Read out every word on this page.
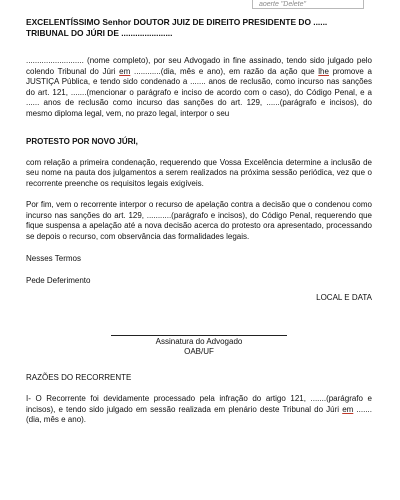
aoerte "Delete"

EXCELENTÍSSIMO Senhor DOUTOR JUIZ DE DIREITO PRESIDENTE DO ......
TRIBUNAL DO JÚRI DE ......................

.......................... (nome completo), por seu Advogado in fine assinado, tendo sido julgado pelo colendo Tribunal do Júri em ............(dia, mês e ano), em razão da ação que lhe promove a JUSTIÇA Pública, e tendo sido condenado a ....... anos de reclusão, como incurso nas sanções do art. 121, .......(mencionar o parágrafo e inciso de acordo com o caso), do Código Penal, e a ...... anos de reclusão como incurso das sanções do art. 129, ......(parágrafo e incisos), do mesmo diploma legal, vem, no prazo legal, interpor o seu

PROTESTO POR NOVO JÚRI,

com relação a primeira condenação, requerendo que Vossa Excelência determine a inclusão de seu nome na pauta dos julgamentos a serem realizados na próxima sessão periódica, vez que o recorrente preenche os requisitos legais exigíveis.

Por fim, vem o recorrente interpor o recurso de apelação contra a decisão que o condenou como incurso nas sanções do art. 129, ...........(parágrafo e incisos), do Código Penal, requerendo que fique suspensa a apelação até a nova decisão acerca do protesto ora apresentado, processando se depois o recurso, com observância das formalidades legais.

Nesses Termos

Pede Deferimento

LOCAL E DATA

Assinatura do Advogado

OAB/UF

RAZÕES DO RECORRENTE

I- O Recorrente foi devidamente processado pela infração do artigo 121, .......(parágrafo e incisos), e tendo sido julgado em sessão realizada em plenário deste Tribunal do Júri em .......(dia, mês e ano).
